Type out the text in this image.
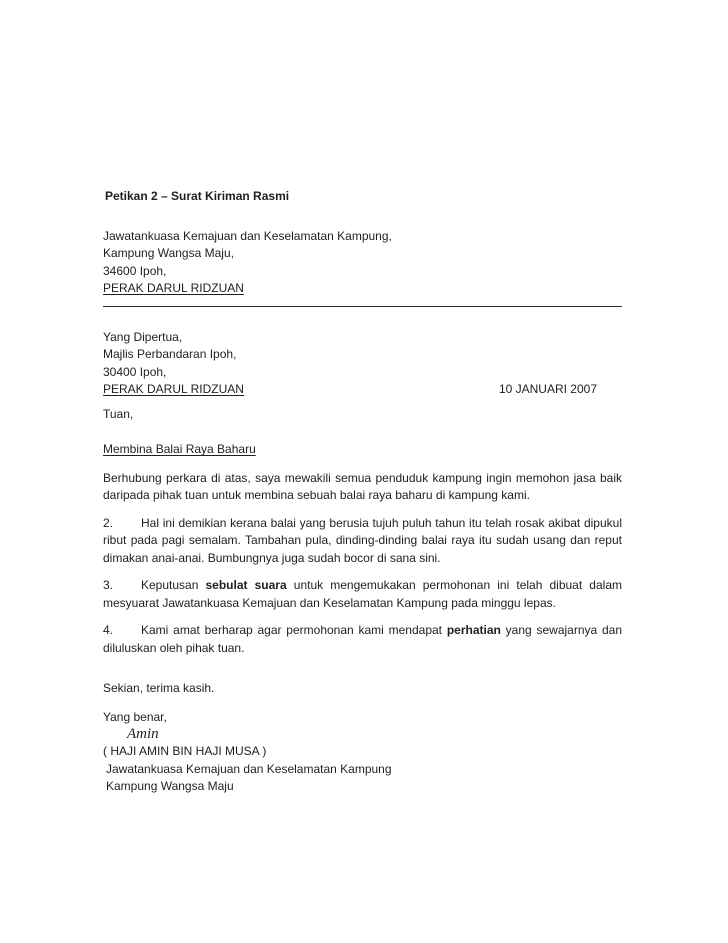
Petikan 2 – Surat Kiriman Rasmi
Jawatankuasa Kemajuan dan Keselamatan Kampung,
Kampung Wangsa Maju,
34600 Ipoh,
PERAK DARUL RIDZUAN
Yang Dipertua,
Majlis Perbandaran Ipoh,
30400 Ipoh,
PERAK DARUL RIDZUAN	10 JANUARI 2007
Tuan,
Membina Balai Raya Baharu

Berhubung perkara di atas, saya mewakili semua penduduk kampung ingin memohon jasa baik daripada pihak tuan untuk membina sebuah balai raya baharu di kampung kami.

2. Hal ini demikian kerana balai yang berusia tujuh puluh tahun itu telah rosak akibat dipukul ribut pada pagi semalam. Tambahan pula, dinding-dinding balai raya itu sudah usang dan reput dimakan anai-anai. Bumbungnya juga sudah bocor di sana sini.

3. Keputusan sebulat suara untuk mengemukakan permohonan ini telah dibuat dalam mesyuarat Jawatankuasa Kemajuan dan Keselamatan Kampung pada minggu lepas.

4. Kami amat berharap agar permohonan kami mendapat perhatian yang sewajarnya dan diluluskan oleh pihak tuan.

Sekian, terima kasih.
Yang benar,
Amin
( HAJI AMIN BIN HAJI MUSA )
Jawatankuasa Kemajuan dan Keselamatan Kampung
Kampung Wangsa Maju
